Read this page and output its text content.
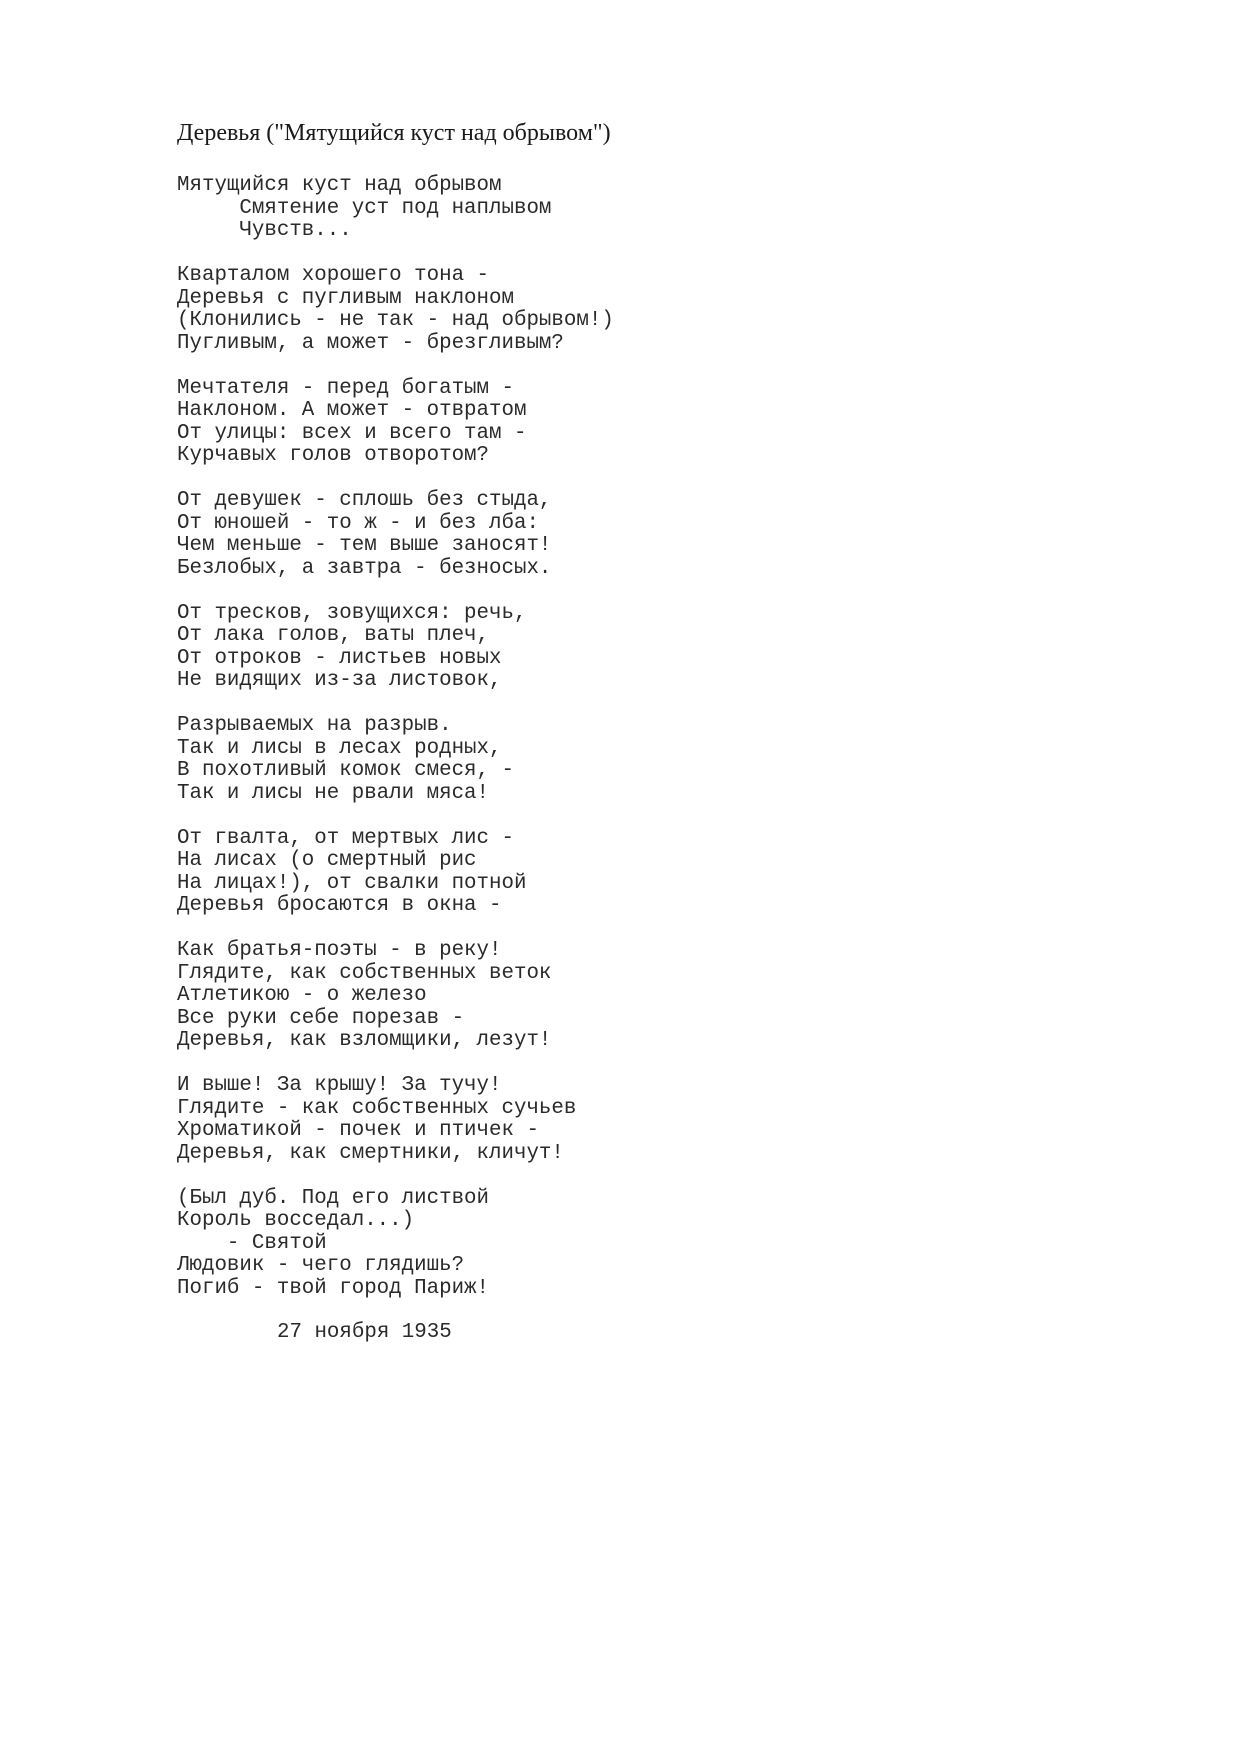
Деревья ("Мятущийся куст над обрывом")
Мятущийся куст над обрывом
Смятение уст под наплывом
Чувств...
Кварталом хорошего тона -
Деревья с пугливым наклоном
(Клонились - не так - над обрывом!)
Пугливым, а может - брезгливым?
Мечтателя - перед богатым -
Наклоном. А может - отвратом
От улицы: всех и всего там -
Курчавых голов отворотом?
От девушек - сплошь без стыда,
От юношей - то ж - и без лба:
Чем меньше - тем выше заносят!
Безлобых, а завтра - безносых.
От тресков, зовущихся: речь,
От лака голов, ваты плеч,
От отроков - листьев новых
Не видящих из-за листовок,
Разрываемых на разрыв.
Так и лисы в лесах родных,
В похотливый комок смеся, -
Так и лисы не рвали мяса!
От гвалта, от мертвых лис -
На лисах (о смертный рис
На лицах!), от свалки потной
Деревья бросаются в окна -
Как братья-поэты - в реку!
Глядите, как собственных веток
Атлетикою - о железо
Все руки себе порезав -
Деревья, как взломщики, лезут!
И выше! За крышу! За тучу!
Глядите - как собственных сучьев
Хроматикой - почек и птичек -
Деревья, как смертники, кличут!
(Был дуб. Под его листвой
Король восседал...)
- Святой
Людовик - чего глядишь?
Погиб - твой город Париж!
27 ноября 1935
